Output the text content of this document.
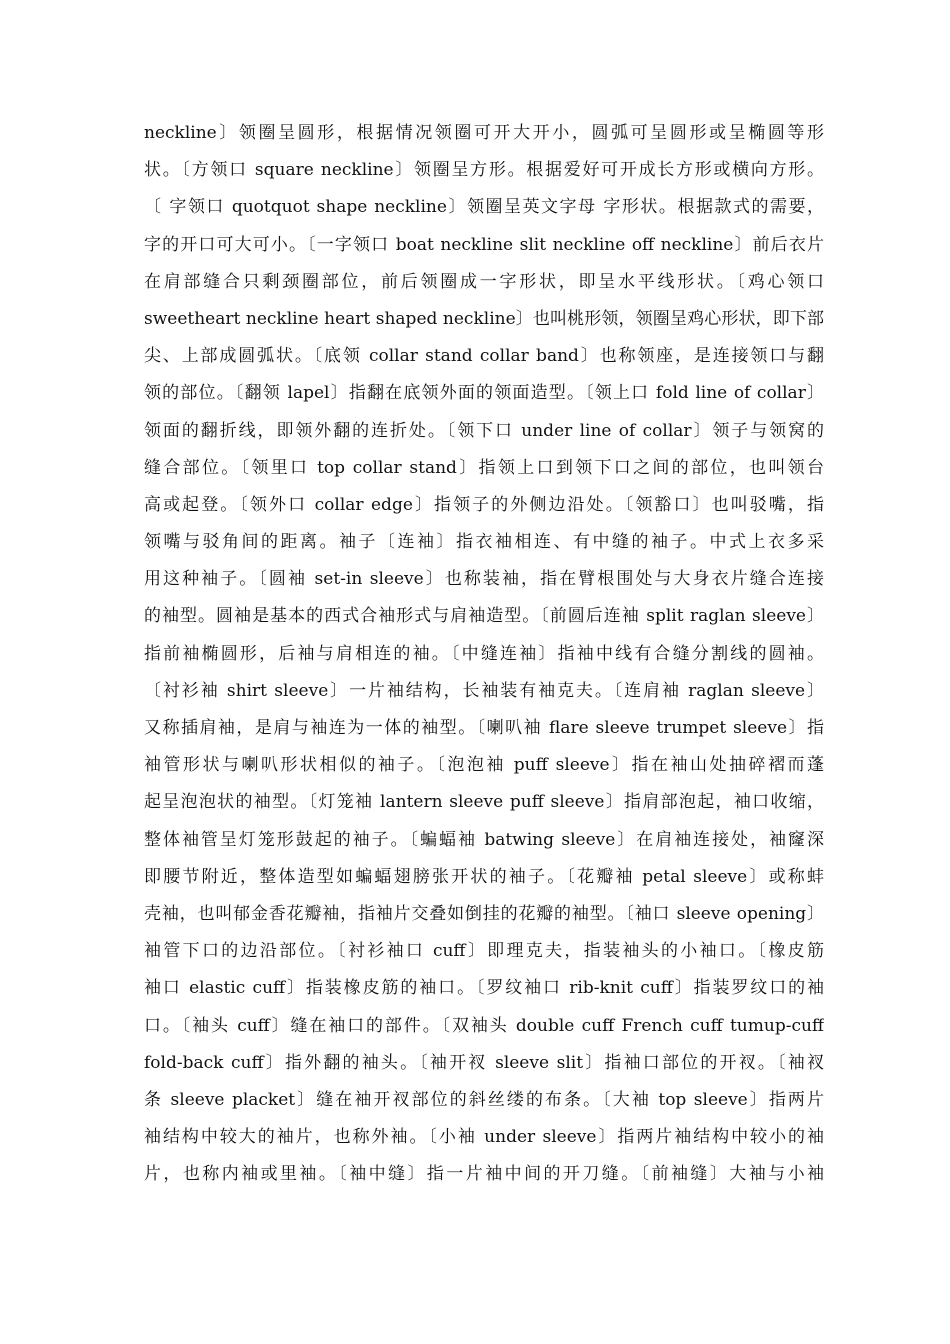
neckline〕领圈呈圆形，根据情况领圈可开大开小，圆弧可呈圆形或呈椭圆等形
状。〔方领口 square neckline〕领圈呈方形。根据爱好可开成长方形或横向方形。
〔 字领口 quotquot shape neckline〕领圈呈英文字母 字形状。根据款式的需要，
字的开口可大可小。〔一字领口 boat neckline slit neckline off neckline〕前后衣片
在肩部缝合只剩颈圈部位，前后领圈成一字形状，即呈水平线形状。〔鸡心领口
sweetheart neckline heart shaped neckline〕也叫桃形领，领圈呈鸡心形状，即下部
尖、上部成圆弧状。〔底领 collar stand collar band〕也称领座，是连接领口与翻
领的部位。〔翻领 lapel〕指翻在底领外面的领面造型。〔领上口 fold line of collar〕
领面的翻折线，即领外翻的连折处。〔领下口 under line of collar〕领子与领窝的
缝合部位。〔领里口 top collar stand〕指领上口到领下口之间的部位，也叫领台
高或起登。〔领外口 collar edge〕指领子的外侧边沿处。〔领豁口〕也叫驳嘴，指
领嘴与驳角间的距离。袖子〔连袖〕指衣袖相连、有中缝的袖子。中式上衣多采
用这种袖子。〔圆袖 set-in sleeve〕也称装袖，指在臂根围处与大身衣片缝合连接
的袖型。圆袖是基本的西式合袖形式与肩袖造型。〔前圆后连袖 split raglan sleeve〕
指前袖椭圆形，后袖与肩相连的袖。〔中缝连袖〕指袖中线有合缝分割线的圆袖。
〔衬衫袖 shirt sleeve〕一片袖结构，长袖装有袖克夫。〔连肩袖 raglan sleeve〕
又称插肩袖，是肩与袖连为一体的袖型。〔喇叭袖 flare sleeve trumpet sleeve〕指
袖管形状与喇叭形状相似的袖子。〔泡泡袖 puff sleeve〕指在袖山处抽碎褶而蓬
起呈泡泡状的袖型。〔灯笼袖 lantern sleeve puff sleeve〕指肩部泡起，袖口收缩，
整体袖管呈灯笼形鼓起的袖子。〔蝙蝠袖 batwing sleeve〕在肩袖连接处，袖窿深
即腰节附近，整体造型如蝙蝠翅膀张开状的袖子。〔花瓣袖 petal sleeve〕或称蚌
壳袖，也叫郁金香花瓣袖，指袖片交叠如倒挂的花瓣的袖型。〔袖口 sleeve opening〕
袖管下口的边沿部位。〔衬衫袖口 cuff〕即理克夫，指装袖头的小袖口。〔橡皮筋
袖口 elastic cuff〕指装橡皮筋的袖口。〔罗纹袖口 rib-knit cuff〕指装罗纹口的袖
口。〔袖头 cuff〕缝在袖口的部件。〔双袖头 double cuff French cuff tumup-cuff
fold-back cuff〕指外翻的袖头。〔袖开衩 sleeve slit〕指袖口部位的开衩。〔袖衩
条 sleeve placket〕缝在袖开衩部位的斜丝缕的布条。〔大袖 top sleeve〕指两片
袖结构中较大的袖片，也称外袖。〔小袖 under sleeve〕指两片袖结构中较小的袖
片，也称内袖或里袖。〔袖中缝〕指一片袖中间的开刀缝。〔前袖缝〕大袖与小袖
